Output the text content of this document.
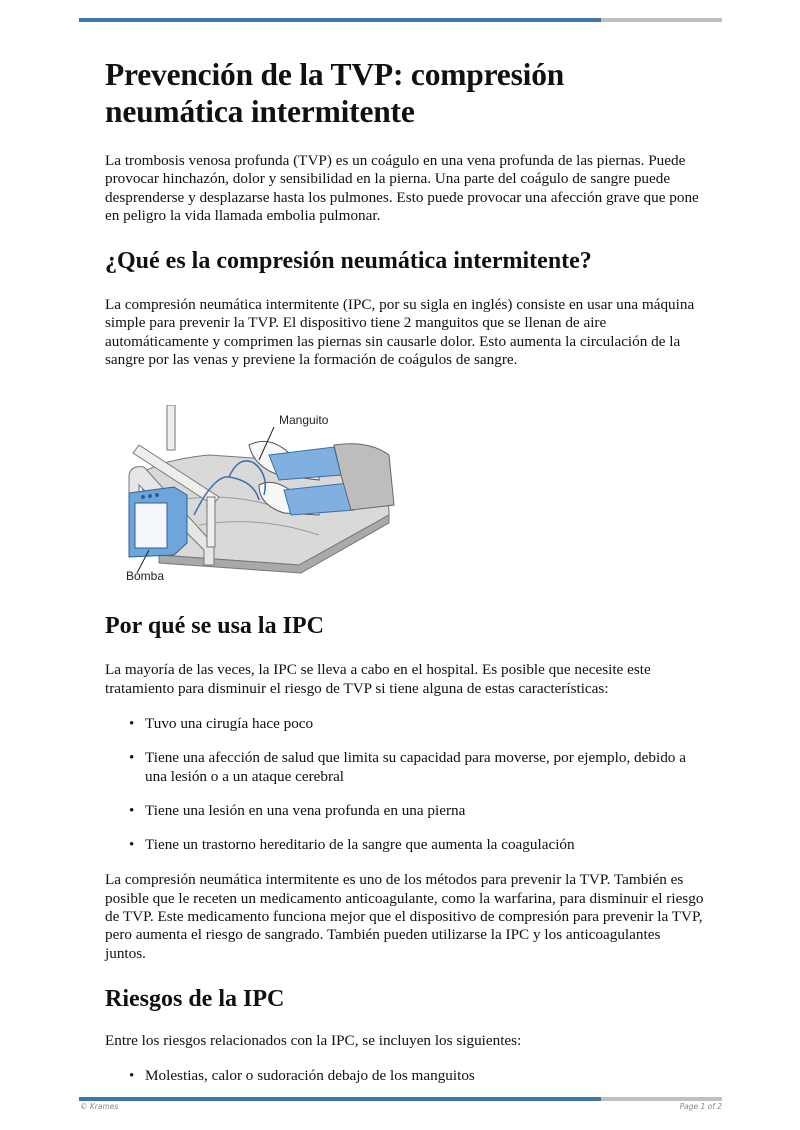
Prevención de la TVP: compresión neumática intermitente

La trombosis venosa profunda (TVP) es un coágulo en una vena profunda de las piernas. Puede provocar hinchazón, dolor y sensibilidad en la pierna. Una parte del coágulo de sangre puede desprenderse y desplazarse hasta los pulmones. Esto puede provocar una afección grave que pone en peligro la vida llamada embolia pulmonar.

¿Qué es la compresión neumática intermitente?

La compresión neumática intermitente (IPC, por su sigla en inglés) consiste en usar una máquina simple para prevenir la TVP. El dispositivo tiene 2 manguitos que se llenan de aire automáticamente y comprimen las piernas sin causarle dolor. Esto aumenta la circulación de la sangre por las venas y previene la formación de coágulos de sangre.

Manguito
Bomba
Por qué se usa la IPC

La mayoría de las veces, la IPC se lleva a cabo en el hospital. Es posible que necesite este tratamiento para disminuir el riesgo de TVP si tiene alguna de estas características:

• Tuvo una cirugía hace poco
• Tiene una afección de salud que limita su capacidad para moverse, por ejemplo, debido a una lesión o a un ataque cerebral
• Tiene una lesión en una vena profunda en una pierna
• Tiene un trastorno hereditario de la sangre que aumenta la coagulación

La compresión neumática intermitente es uno de los métodos para prevenir la TVP. También es posible que le receten un medicamento anticoagulante, como la warfarina, para disminuir el riesgo de TVP. Este medicamento funciona mejor que el dispositivo de compresión para prevenir la TVP, pero aumenta el riesgo de sangrado. También pueden utilizarse la IPC y los anticoagulantes juntos.

Riesgos de la IPC

Entre los riesgos relacionados con la IPC, se incluyen los siguientes:

• Molestias, calor o sudoración debajo de los manguitos
© Krames	Page 1 of 2
